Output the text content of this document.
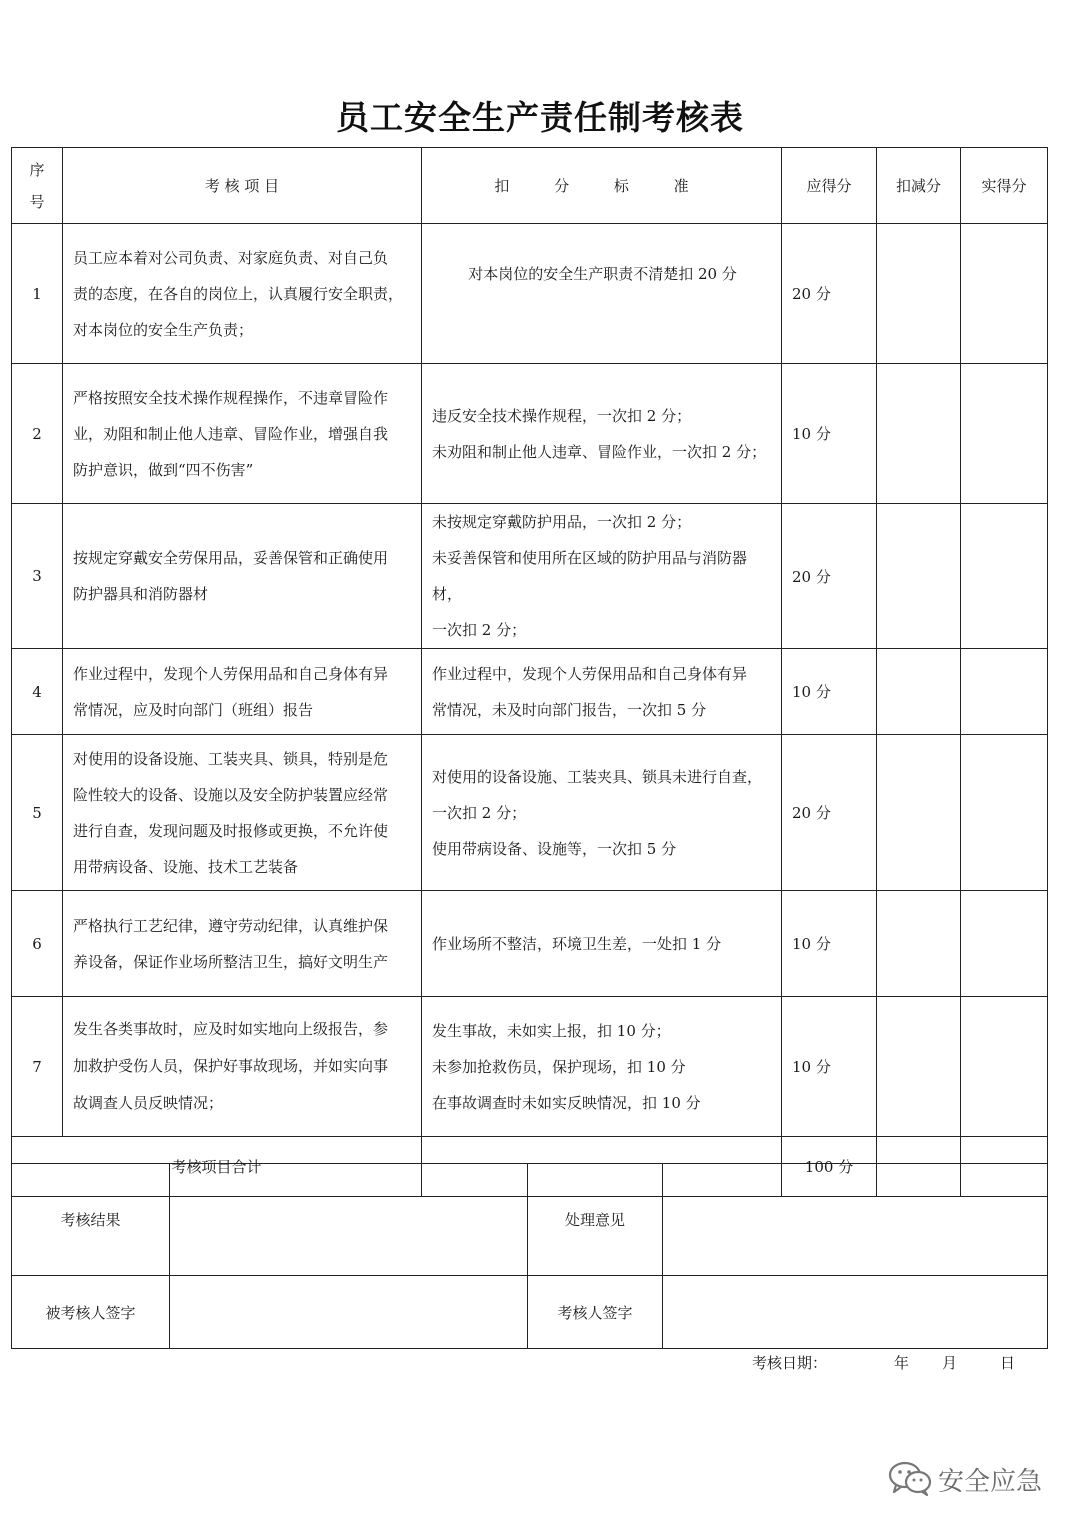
员工安全生产责任制考核表
序
号	考 核 项 目	扣 分 标 准	应得分	扣减分	实得分
1	员工应本着对公司负责、对家庭负责、对自己负
责的态度，在各自的岗位上，认真履行安全职责，
对本岗位的安全生产负责；	对本岗位的安全生产职责不清楚扣 20 分	20 分		
2	严格按照安全技术操作规程操作，不违章冒险作
业，劝阻和制止他人违章、冒险作业，增强自我
防护意识，做到“四不伤害”	违反安全技术操作规程，一次扣 2 分；
未劝阻和制止他人违章、冒险作业，一次扣 2 分；	10 分		
3	按规定穿戴安全劳保用品，妥善保管和正确使用
防护器具和消防器材	未按规定穿戴防护用品，一次扣 2 分；
未妥善保管和使用所在区域的防护用品与消防器材，
一次扣 2 分；	20 分		
4	作业过程中，发现个人劳保用品和自己身体有异
常情况，应及时向部门（班组）报告	作业过程中，发现个人劳保用品和自己身体有异
常情况，未及时向部门报告，一次扣 5 分	10 分		
5	对使用的设备设施、工装夹具、锁具，特别是危
险性较大的设备、设施以及安全防护装置应经常
进行自查，发现问题及时报修或更换，不允许使
用带病设备、设施、技术工艺装备	对使用的设备设施、工装夹具、锁具未进行自查，
一次扣 2 分；
使用带病设备、设施等，一次扣 5 分	20 分		
6	严格执行工艺纪律，遵守劳动纪律，认真维护保
养设备，保证作业场所整洁卫生，搞好文明生产	作业场所不整洁，环境卫生差，一处扣 1 分	10 分		
7	发生各类事故时，应及时如实地向上级报告，参
加救护受伤人员，保护好事故现场，并如实向事
故调查人员反映情况；	发生事故，未如实上报，扣 10 分；
未参加抢救伤员，保护现场，扣 10 分
在事故调查时未如实反映情况，扣 10 分	10 分		
考核项目合计			100 分		
考核结果		处理意见	
被考核人签字		考核人签字	
考核日期：	年 月	日
安全应急
